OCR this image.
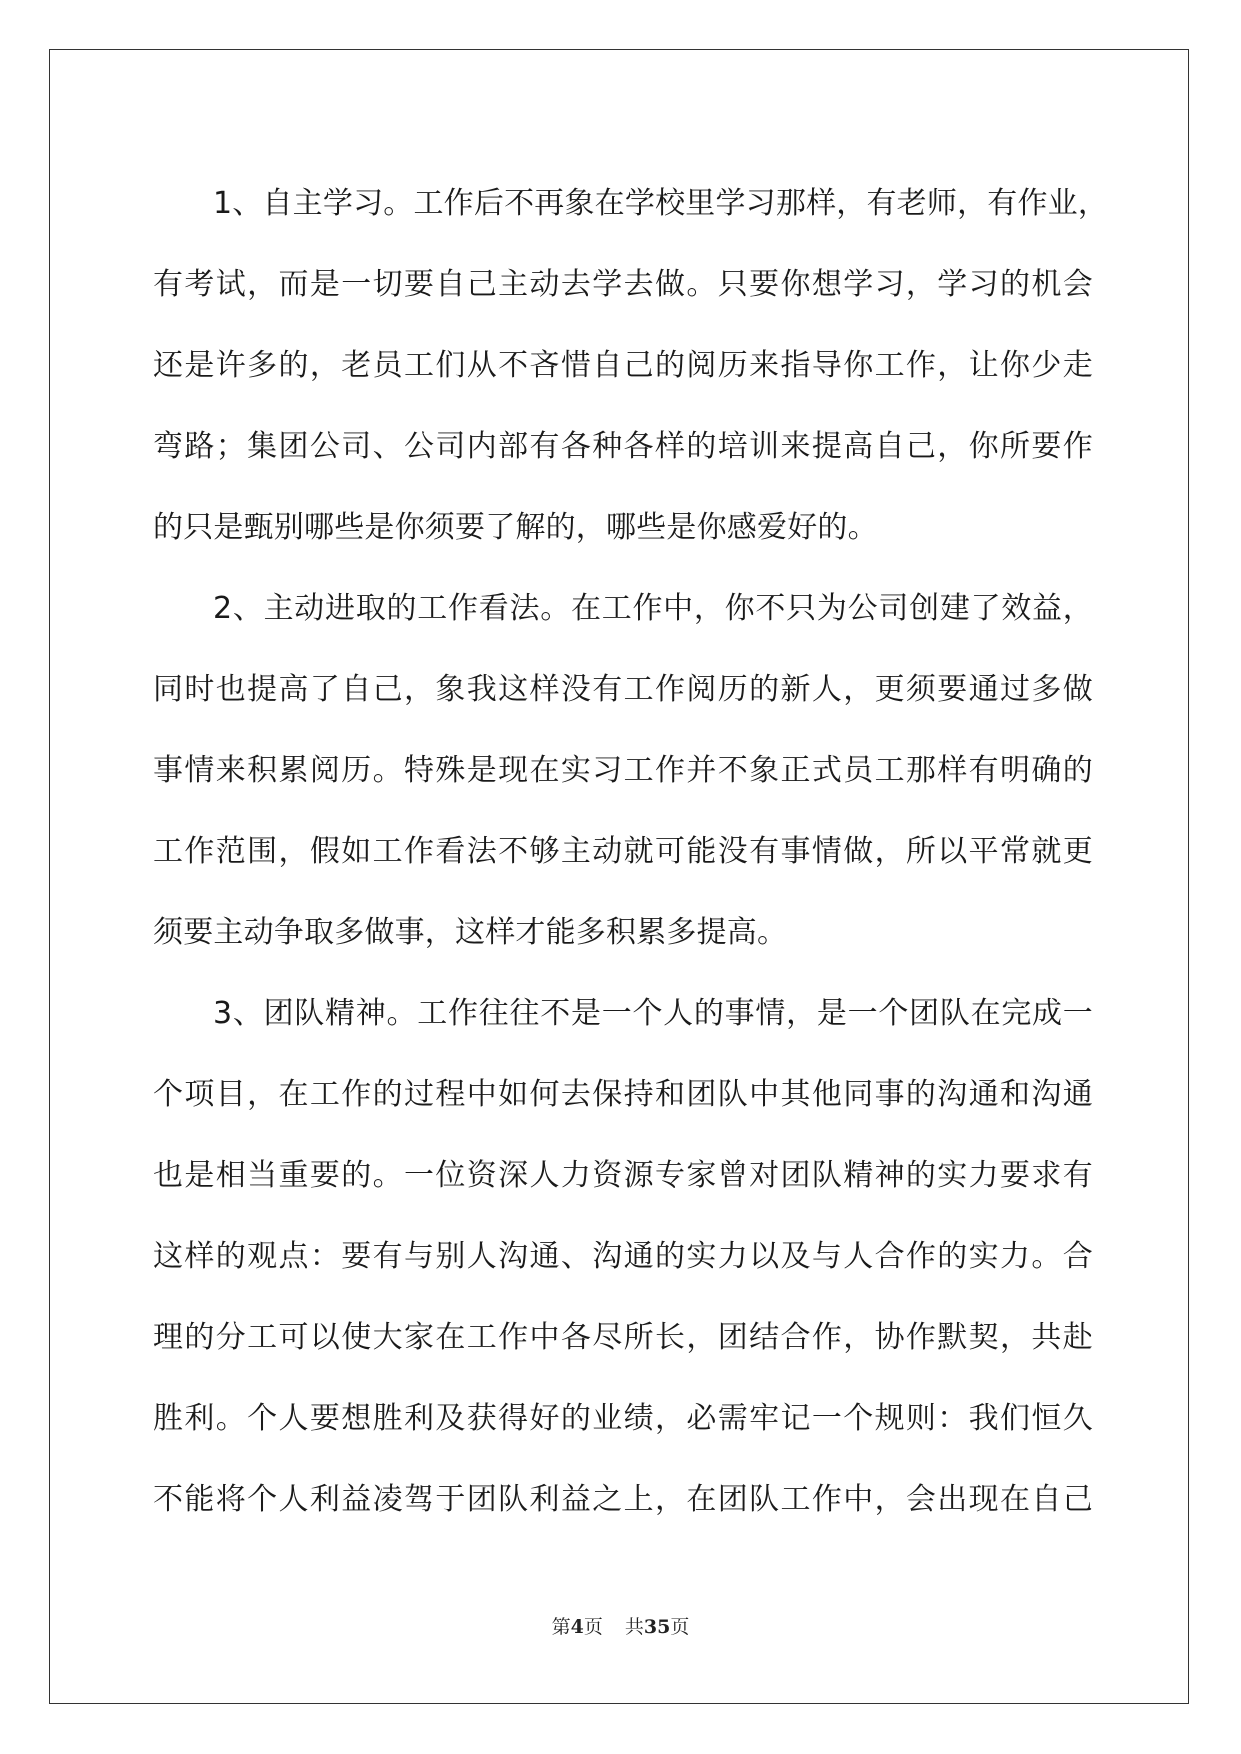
1、自主学习。工作后不再象在学校里学习那样，有老师，有作业，
有考试，而是一切要自己主动去学去做。只要你想学习，学习的机会
还是许多的，老员工们从不吝惜自己的阅历来指导你工作，让你少走
弯路；集团公司、公司内部有各种各样的培训来提高自己，你所要作
的只是甄别哪些是你须要了解的，哪些是你感爱好的。
2、主动进取的工作看法。在工作中，你不只为公司创建了效益，
同时也提高了自己，象我这样没有工作阅历的新人，更须要通过多做
事情来积累阅历。特殊是现在实习工作并不象正式员工那样有明确的
工作范围，假如工作看法不够主动就可能没有事情做，所以平常就更
须要主动争取多做事，这样才能多积累多提高。
3、团队精神。工作往往不是一个人的事情，是一个团队在完成一
个项目，在工作的过程中如何去保持和团队中其他同事的沟通和沟通
也是相当重要的。一位资深人力资源专家曾对团队精神的实力要求有
这样的观点：要有与别人沟通、沟通的实力以及与人合作的实力。合
理的分工可以使大家在工作中各尽所长，团结合作，协作默契，共赴
胜利。个人要想胜利及获得好的业绩，必需牢记一个规则：我们恒久
不能将个人利益凌驾于团队利益之上，在团队工作中，会出现在自己
第4页 共35页
